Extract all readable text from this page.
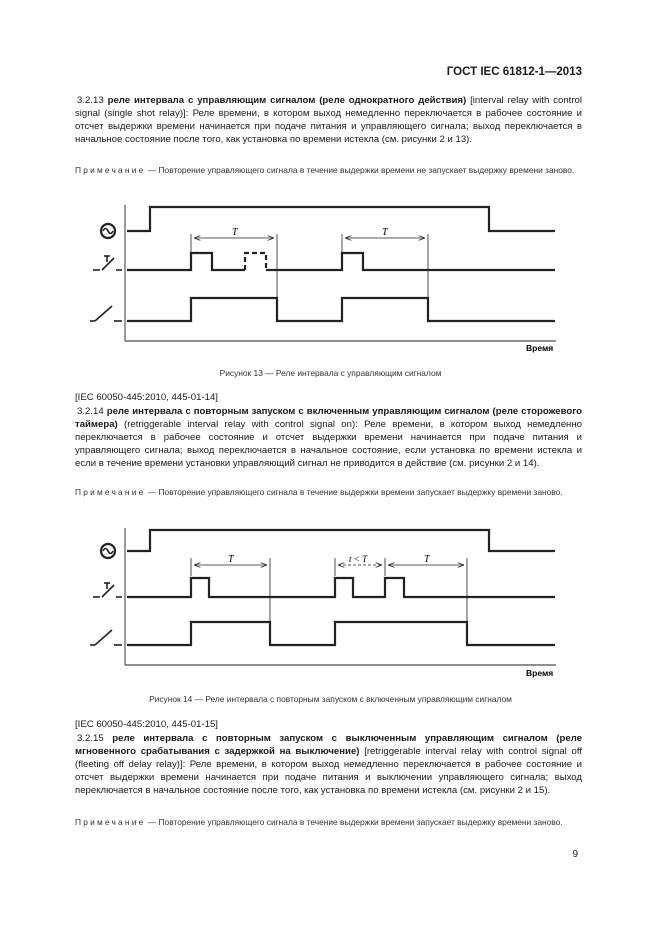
ГОСТ IEC 61812-1—2013
3.2.13 реле интервала с управляющим сигналом (реле однократного действия) [interval relay with control signal (single shot relay)]: Реле времени, в котором выход немедленно переключается в рабочее состояние и отсчет выдержки времени начинается при подаче питания и управляющего сигнала; выход переключается в начальное состояние после того, как установка по времени истекла (см. рисунки 2 и 13).
Примечание — Повторение управляющего сигнала в течение выдержки времени не запускает выдержку времени заново.
T	T
Время
Рисунок 13 — Реле интервала с управляющим сигналом
[IEC 60050-445:2010, 445-01-14]
3.2.14 реле интервала с повторным запуском с включенным управляющим сигналом (реле сторожевого таймера) (retriggerable interval relay with control signal on): Реле времени, в котором выход немедленно переключается в рабочее состояние и отсчет выдержки времени начинается при подаче питания и управляющего сигнала; выход переключается в начальное состояние, если установка по времени истекла и если в течение времени установки управляющий сигнал не приводится в действие (см. рисунки 2 и 14).
Примечание — Повторение управляющего сигнала в течение выдержки времени запускает выдержку времени заново.
T	t < T	T
Время
Рисунок 14 — Реле интервала с повторным запуском с включенным управляющим сигналом
[IEC 60050-445:2010, 445-01-15]
3.2.15 реле интервала с повторным запуском с выключенным управляющим сигналом (реле мгновенного срабатывания с задержкой на выключение) [retriggerable interval relay with control signal off (fleeting off delay relay)]: Реле времени, в котором выход немедленно переключается в рабочее состояние и отсчет выдержки времени начинается при подаче питания и выключении управляющего сигнала; выход переключается в начальное состояние после того, как установка по времени истекла (см. рисунки 2 и 15).
Примечание — Повторение управляющего сигнала в течение выдержки времени запускает выдержку времени заново.
9
